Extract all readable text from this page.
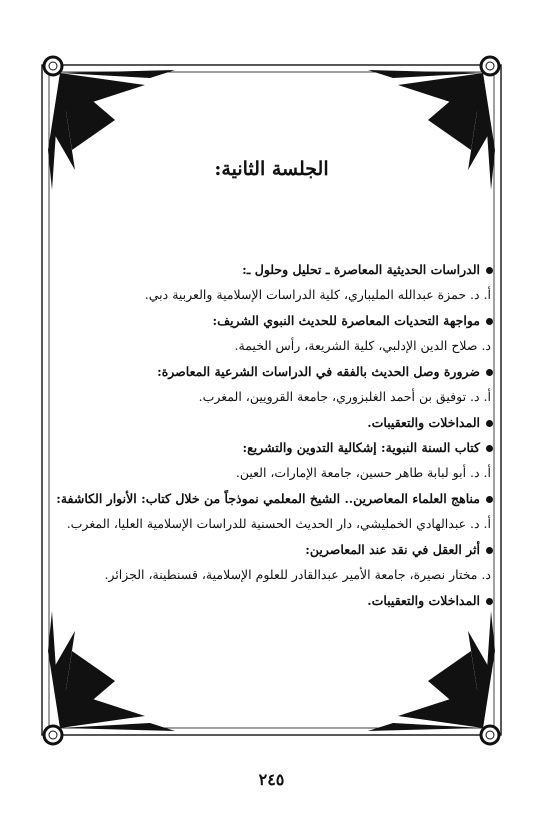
الجلسة الثانية:
الدراسات الحديثية المعاصرة ـ تحليل وحلول ـ:
أ. د. حمزة عبدالله المليباري، كلية الدراسات الإسلامية والعربية دبي.
مواجهة التحديات المعاصرة للحديث النبوي الشريف:
د. صلاح الدين الإدلبي، كلية الشريعة، رأس الخيمة.
ضرورة وصل الحديث بالفقه في الدراسات الشرعية المعاصرة:
أ. د. توفيق بن أحمد الغلبزوري، جامعة القرويين، المغرب.
المداخلات والتعقيبات.
كتاب السنة النبوية: إشكالية التدوين والتشريع:
أ. د. أبو لبابة طاهر حسين، جامعة الإمارات، العين.
مناهج العلماء المعاصرين.. الشيخ المعلمي نموذجاً من خلال كتاب: الأنوار الكاشفة:
أ. د. عبدالهادي الخمليشي، دار الحديث الحسنية للدراسات الإسلامية العليا، المغرب.
أثر العقل في نقد عند المعاصرين:
د. مختار نصيرة، جامعة الأمير عبدالقادر للعلوم الإسلامية، قسنطينة، الجزائر.
المداخلات والتعقيبات.
٢٤٥
